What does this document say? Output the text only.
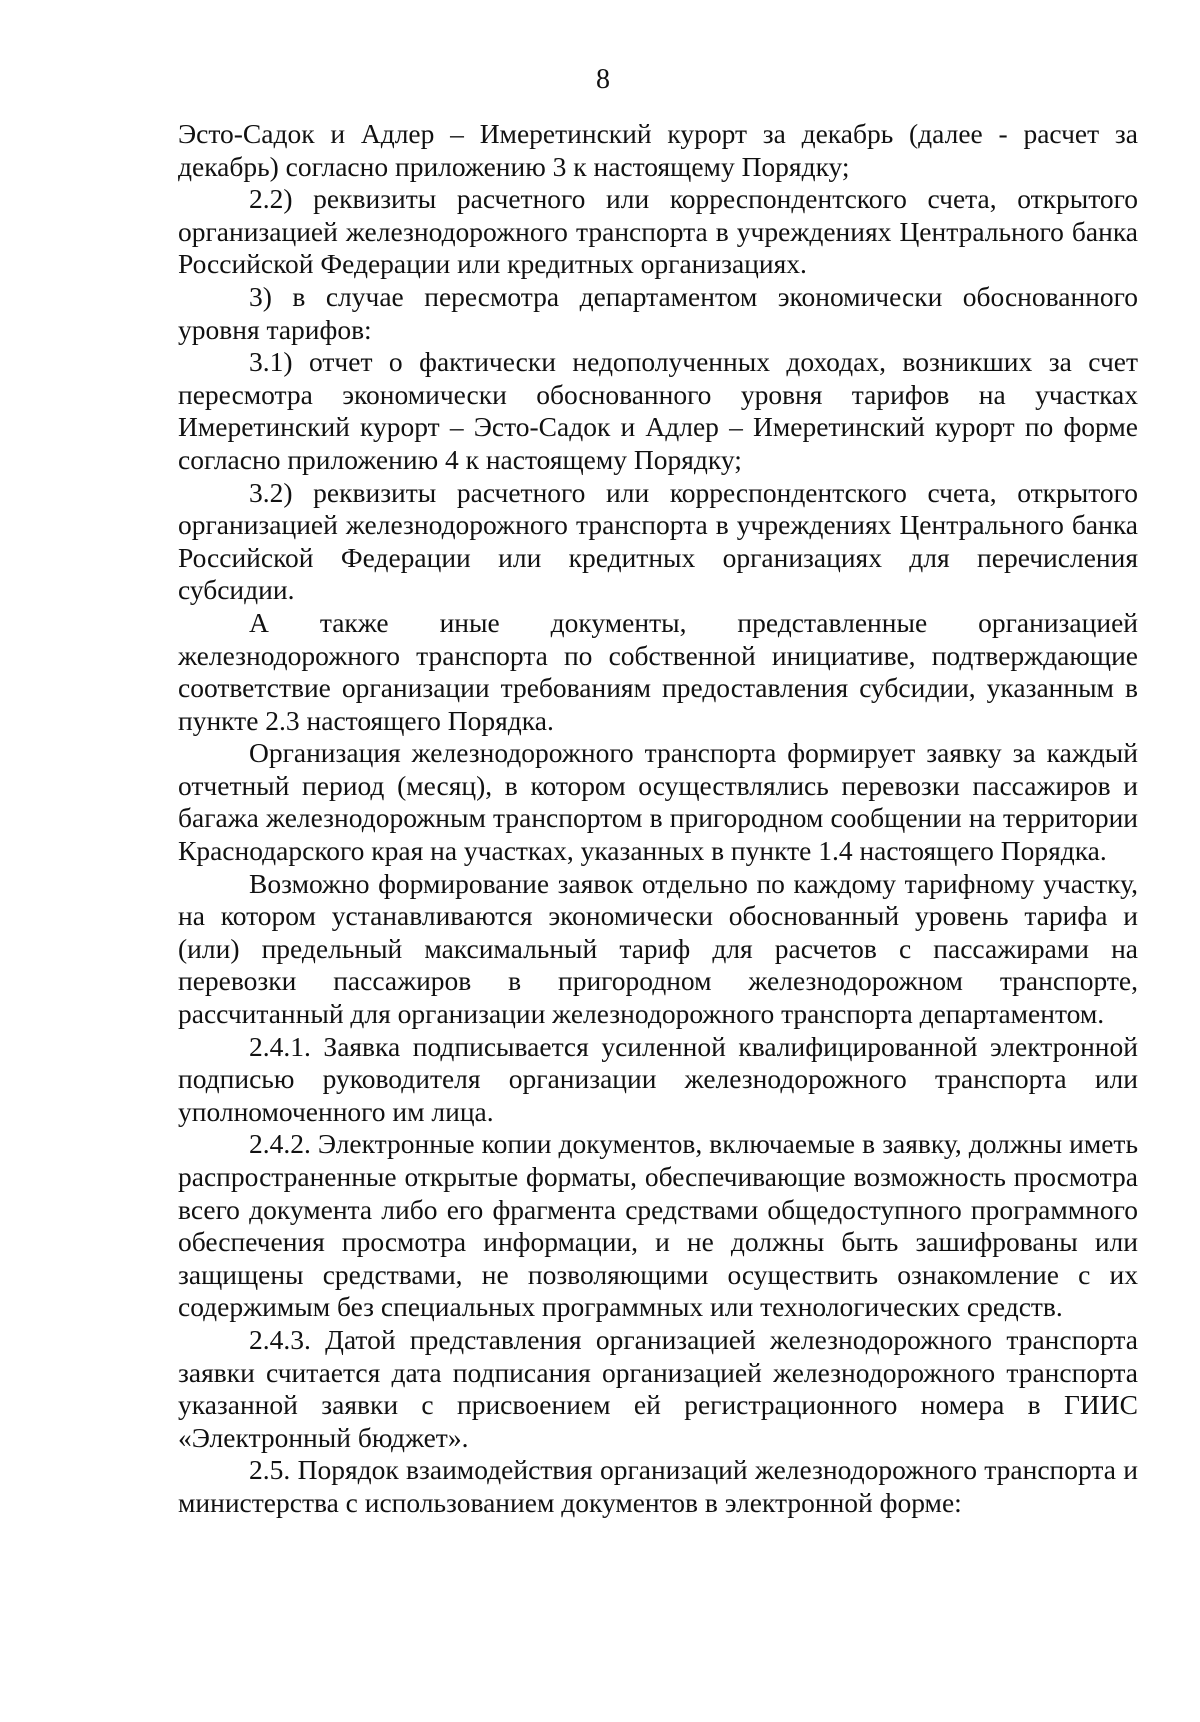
8

Эсто-Садок и Адлер – Имеретинский курорт за декабрь (далее - расчет за декабрь) согласно приложению 3 к настоящему Порядку;

2.2) реквизиты расчетного или корреспондентского счета, открытого организацией железнодорожного транспорта в учреждениях Центрального банка Российской Федерации или кредитных организациях.

3) в случае пересмотра департаментом экономически обоснованного уровня тарифов:

3.1) отчет о фактически недополученных доходах, возникших за счет пересмотра экономически обоснованного уровня тарифов на участках Имеретинский курорт – Эсто-Садок и Адлер – Имеретинский курорт по форме согласно приложению 4 к настоящему Порядку;

3.2) реквизиты расчетного или корреспондентского счета, открытого организацией железнодорожного транспорта в учреждениях Центрального банка Российской Федерации или кредитных организациях для перечисления субсидии.

А также иные документы, представленные организацией железнодорожного транспорта по собственной инициативе, подтверждающие соответствие организации требованиям предоставления субсидии, указанным в пункте 2.3 настоящего Порядка.

Организация железнодорожного транспорта формирует заявку за каждый отчетный период (месяц), в котором осуществлялись перевозки пассажиров и багажа железнодорожным транспортом в пригородном сообщении на территории Краснодарского края на участках, указанных в пункте 1.4 настоящего Порядка.

Возможно формирование заявок отдельно по каждому тарифному участку, на котором устанавливаются экономически обоснованный уровень тарифа и (или) предельный максимальный тариф для расчетов с пассажирами на перевозки пассажиров в пригородном железнодорожном транспорте, рассчитанный для организации железнодорожного транспорта департаментом.

2.4.1. Заявка подписывается усиленной квалифицированной электронной подписью руководителя организации железнодорожного транспорта или уполномоченного им лица.

2.4.2. Электронные копии документов, включаемые в заявку, должны иметь распространенные открытые форматы, обеспечивающие возможность просмотра всего документа либо его фрагмента средствами общедоступного программного обеспечения просмотра информации, и не должны быть зашифрованы или защищены средствами, не позволяющими осуществить ознакомление с их содержимым без специальных программных или технологических средств.

2.4.3. Датой представления организацией железнодорожного транспорта заявки считается дата подписания организацией железнодорожного транспорта указанной заявки с присвоением ей регистрационного номера в ГИИС «Электронный бюджет».

2.5. Порядок взаимодействия организаций железнодорожного транспорта и министерства с использованием документов в электронной форме:
